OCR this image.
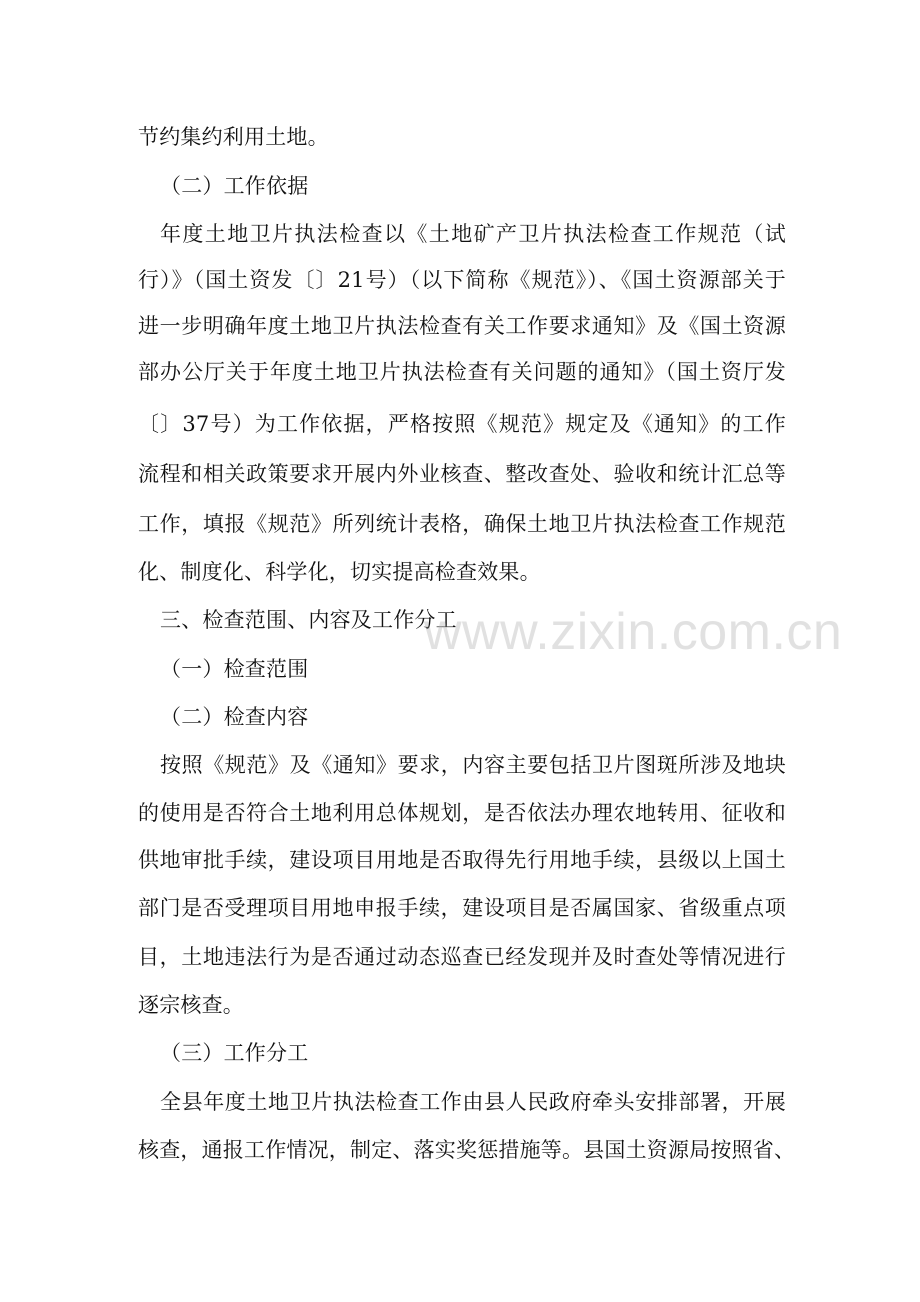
节约集约利用土地。
（二）工作依据
年度土地卫片执法检查以《土地矿产卫片执法检查工作规范（试
行）》（国土资发〔〕21号）（以下简称《规范》）、《国土资源部关于
进一步明确年度土地卫片执法检查有关工作要求通知》及《国土资源
部办公厅关于年度土地卫片执法检查有关问题的通知》（国土资厅发
〔〕37号）为工作依据，严格按照《规范》规定及《通知》的工作
流程和相关政策要求开展内外业核查、整改查处、验收和统计汇总等
工作，填报《规范》所列统计表格，确保土地卫片执法检查工作规范
化、制度化、科学化，切实提高检查效果。
三、检查范围、内容及工作分工
（一）检查范围
（二）检查内容
按照《规范》及《通知》要求，内容主要包括卫片图斑所涉及地块
的使用是否符合土地利用总体规划，是否依法办理农地转用、征收和
供地审批手续，建设项目用地是否取得先行用地手续，县级以上国土
部门是否受理项目用地申报手续，建设项目是否属国家、省级重点项
目，土地违法行为是否通过动态巡查已经发现并及时查处等情况进行
逐宗核查。
（三）工作分工
全县年度土地卫片执法检查工作由县人民政府牵头安排部署，开展
核查，通报工作情况，制定、落实奖惩措施等。县国土资源局按照省、
www.zixin.com.cn
